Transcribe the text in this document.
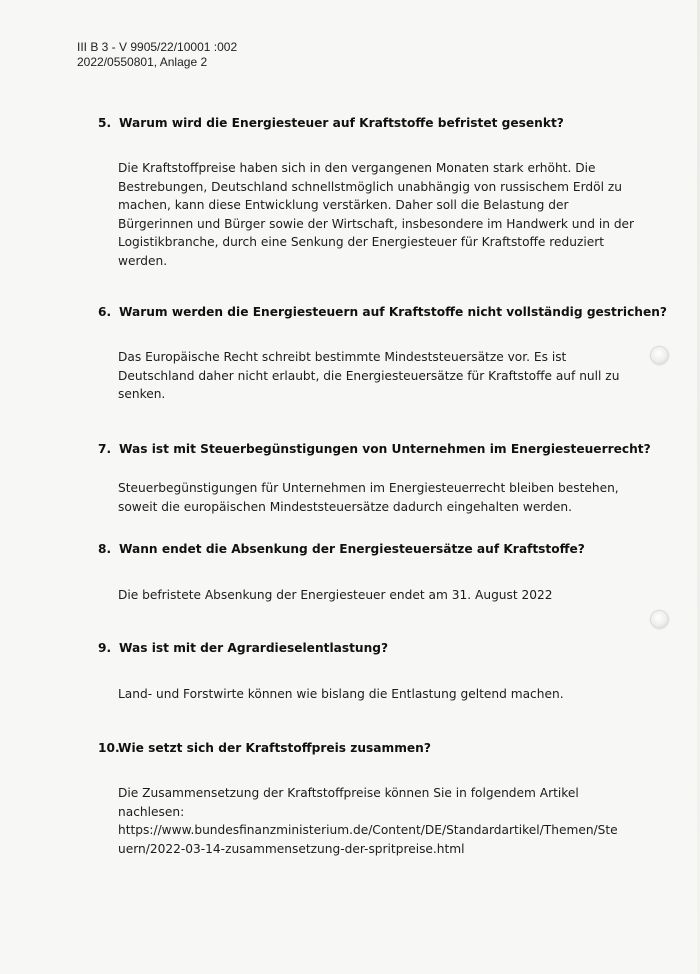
III B 3 - V 9905/22/10001 :002
2022/0550801, Anlage 2
5. Warum wird die Energiesteuer auf Kraftstoffe befristet gesenkt?
Die Kraftstoffpreise haben sich in den vergangenen Monaten stark erhöht. Die
Bestrebungen, Deutschland schnellstmöglich unabhängig von russischem Erdöl zu
machen, kann diese Entwicklung verstärken. Daher soll die Belastung der
Bürgerinnen und Bürger sowie der Wirtschaft, insbesondere im Handwerk und in der
Logistikbranche, durch eine Senkung der Energiesteuer für Kraftstoffe reduziert
werden.
6. Warum werden die Energiesteuern auf Kraftstoffe nicht vollständig gestrichen?
Das Europäische Recht schreibt bestimmte Mindeststeuersätze vor. Es ist
Deutschland daher nicht erlaubt, die Energiesteuersätze für Kraftstoffe auf null zu
senken.
7. Was ist mit Steuerbegünstigungen von Unternehmen im Energiesteuerrecht?
Steuerbegünstigungen für Unternehmen im Energiesteuerrecht bleiben bestehen,
soweit die europäischen Mindeststeuersätze dadurch eingehalten werden.
8. Wann endet die Absenkung der Energiesteuersätze auf Kraftstoffe?
Die befristete Absenkung der Energiesteuer endet am 31. August 2022
9. Was ist mit der Agrardieselentlastung?
Land- und Forstwirte können wie bislang die Entlastung geltend machen.
10.Wie setzt sich der Kraftstoffpreis zusammen?
Die Zusammensetzung der Kraftstoffpreise können Sie in folgendem Artikel
nachlesen:
https://www.bundesfinanzministerium.de/Content/DE/Standardartikel/Themen/Ste
uern/2022-03-14-zusammensetzung-der-spritpreise.html
